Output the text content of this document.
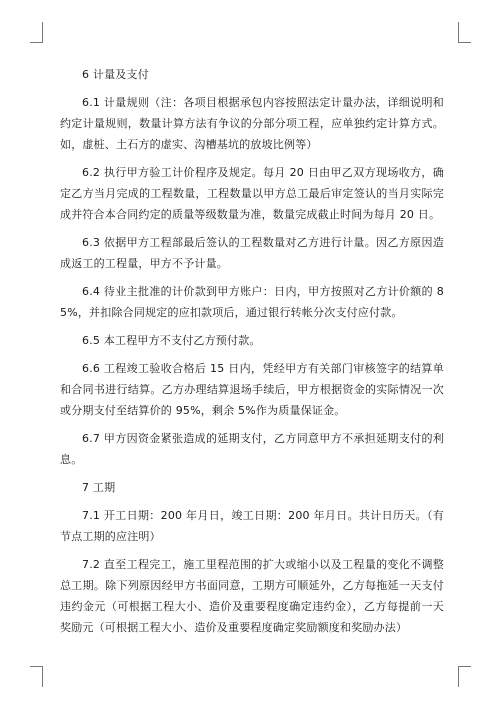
6 计量及支付

6.1 计量规则（注：各项目根据承包内容按照法定计量办法，详细说明和约定计量规则，数量计算方法有争议的分部分项工程，应单独约定计算方式。如，虚桩、土石方的虚实、沟槽基坑的放坡比例等）

6.2 执行甲方验工计价程序及规定。每月 20 日由甲乙双方现场收方，确定乙方当月完成的工程数量，工程数量以甲方总工最后审定签认的当月实际完成并符合本合同约定的质量等级数量为准，数量完成截止时间为每月 20 日。

6.3 依据甲方工程部最后签认的工程数量对乙方进行计量。因乙方原因造成返工的工程量，甲方不予计量。

6.4 待业主批准的计价款到甲方账户：日内，甲方按照对乙方计价额的 85%，并扣除合同规定的应扣款项后，通过银行转帐分次支付应付款。

6.5 本工程甲方不支付乙方预付款。

6.6 工程竣工验收合格后 15 日内，凭经甲方有关部门审核签字的结算单和合同书进行结算。乙方办理结算退场手续后，甲方根据资金的实际情况一次或分期支付至结算价的 95%，剩余 5%作为质量保证金。

6.7 甲方因资金紧张造成的延期支付，乙方同意甲方不承担延期支付的利息。

7 工期

7.1 开工日期：200 年月日，竣工日期：200 年月日。共计日历天。（有节点工期的应注明）

7.2 直至工程完工，施工里程范围的扩大或缩小以及工程量的变化不调整总工期。除下列原因经甲方书面同意，工期方可顺延外，乙方每拖延一天支付违约金元（可根据工程大小、造价及重要程度确定违约金），乙方每提前一天奖励元（可根据工程大小、造价及重要程度确定奖励额度和奖励办法）
